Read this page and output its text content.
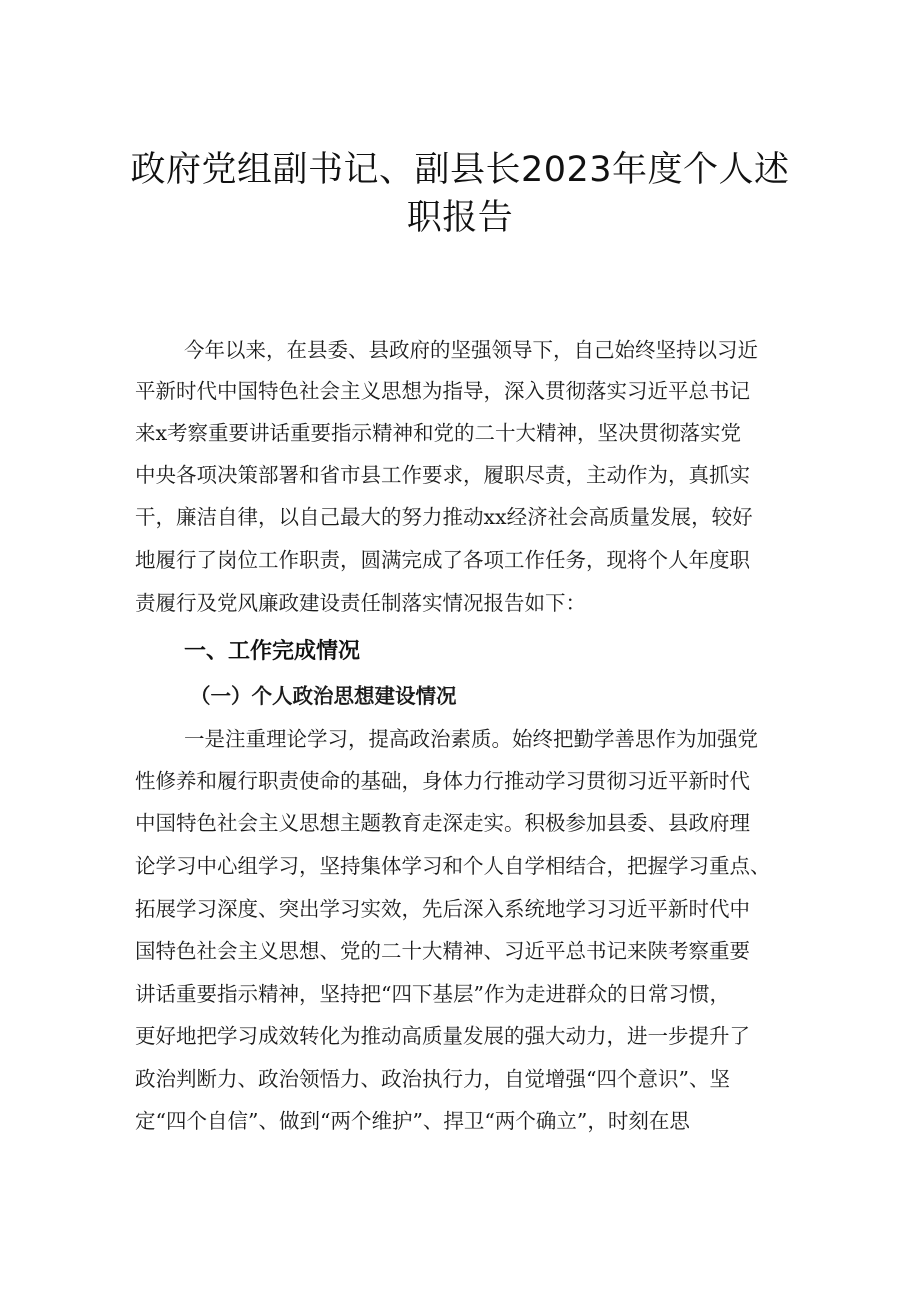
政府党组副书记、副县长2023年度个人述
职报告

今年以来，在县委、县政府的坚强领导下，自己始终坚持以习近

平新时代中国特色社会主义思想为指导，深入贯彻落实习近平总书记

来x考察重要讲话重要指示精神和党的二十大精神，坚决贯彻落实党

中央各项决策部署和省市县工作要求，履职尽责，主动作为，真抓实

干，廉洁自律，以自己最大的努力推动xx经济社会高质量发展，较好

地履行了岗位工作职责，圆满完成了各项工作任务，现将个人年度职

责履行及党风廉政建设责任制落实情况报告如下：

一、工作完成情况
（一）个人政治思想建设情况

一是注重理论学习，提高政治素质。始终把勤学善思作为加强党

性修养和履行职责使命的基础，身体力行推动学习贯彻习近平新时代

中国特色社会主义思想主题教育走深走实。积极参加县委、县政府理

论学习中心组学习，坚持集体学习和个人自学相结合，把握学习重点、

拓展学习深度、突出学习实效，先后深入系统地学习习近平新时代中

国特色社会主义思想、党的二十大精神、习近平总书记来陕考察重要

讲话重要指示精神，坚持把“四下基层”作为走进群众的日常习惯，

更好地把学习成效转化为推动高质量发展的强大动力，进一步提升了

政治判断力、政治领悟力、政治执行力，自觉增强“四个意识”、坚

定“四个自信”、做到“两个维护”、捍卫“两个确立”，时刻在思
